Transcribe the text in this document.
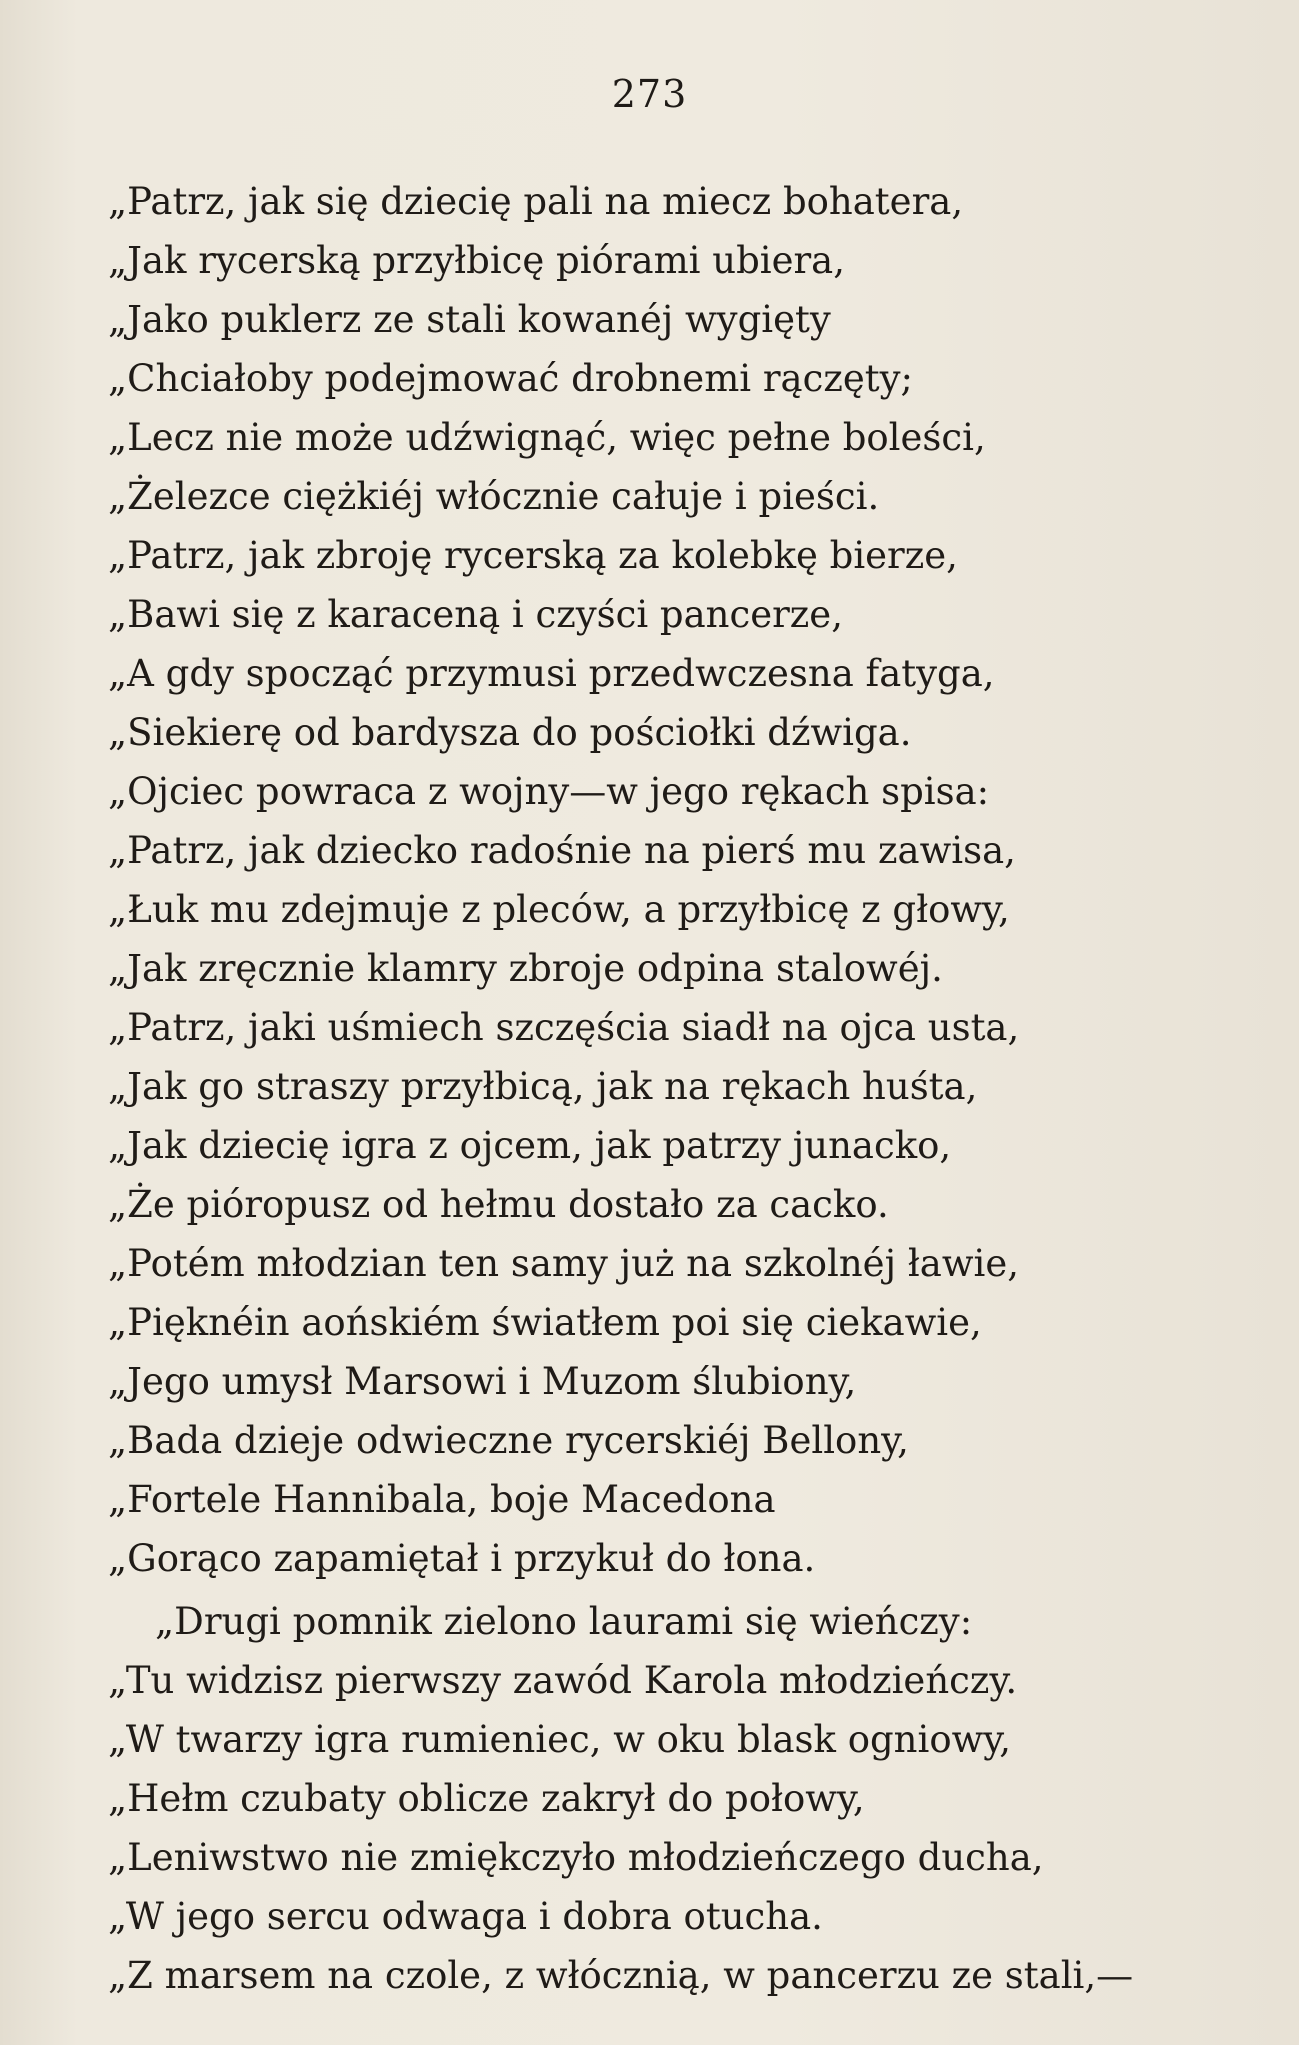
273
„Patrz, jak się dziecię pali na miecz bohatera,
„Jak rycerską przyłbicę piórami ubiera,
„Jako puklerz ze stali kowanéj wygięty
„Chciałoby podejmować drobnemi rączęty;
„Lecz nie może udźwignąć, więc pełne boleści,
„Żelezce ciężkiéj włócznie całuje i pieści.
„Patrz, jak zbroję rycerską za kolebkę bierze,
„Bawi się z karaceną i czyści pancerze,
„A gdy spocząć przymusi przedwczesna fatyga,
„Siekierę od bardysza do pościołki dźwiga.
„Ojciec powraca z wojny—w jego rękach spisa:
„Patrz, jak dziecko radośnie na pierś mu zawisa,
„Łuk mu zdejmuje z pleców, a przyłbicę z głowy,
„Jak zręcznie klamry zbroje odpina stalowéj.
„Patrz, jaki uśmiech szczęścia siadł na ojca usta,
„Jak go straszy przyłbicą, jak na rękach huśta,
„Jak dziecię igra z ojcem, jak patrzy junacko,
„Że pióropusz od hełmu dostało za cacko.
„Potém młodzian ten samy już na szkolnéj ławie,
„Pięknéin aońskiém światłem poi się ciekawie,
„Jego umysł Marsowi i Muzom ślubiony,
„Bada dzieje odwieczne rycerskiéj Bellony,
„Fortele Hannibala, boje Macedona
„Gorąco zapamiętał i przykuł do łona.
„Drugi pomnik zielono laurami się wieńczy:
„Tu widzisz pierwszy zawód Karola młodzieńczy.
„W twarzy igra rumieniec, w oku blask ogniowy,
„Hełm czubaty oblicze zakrył do połowy,
„Leniwstwo nie zmiękczyło młodzieńczego ducha,
„W jego sercu odwaga i dobra otucha.
„Z marsem na czole, z włócznią, w pancerzu ze stali,—
